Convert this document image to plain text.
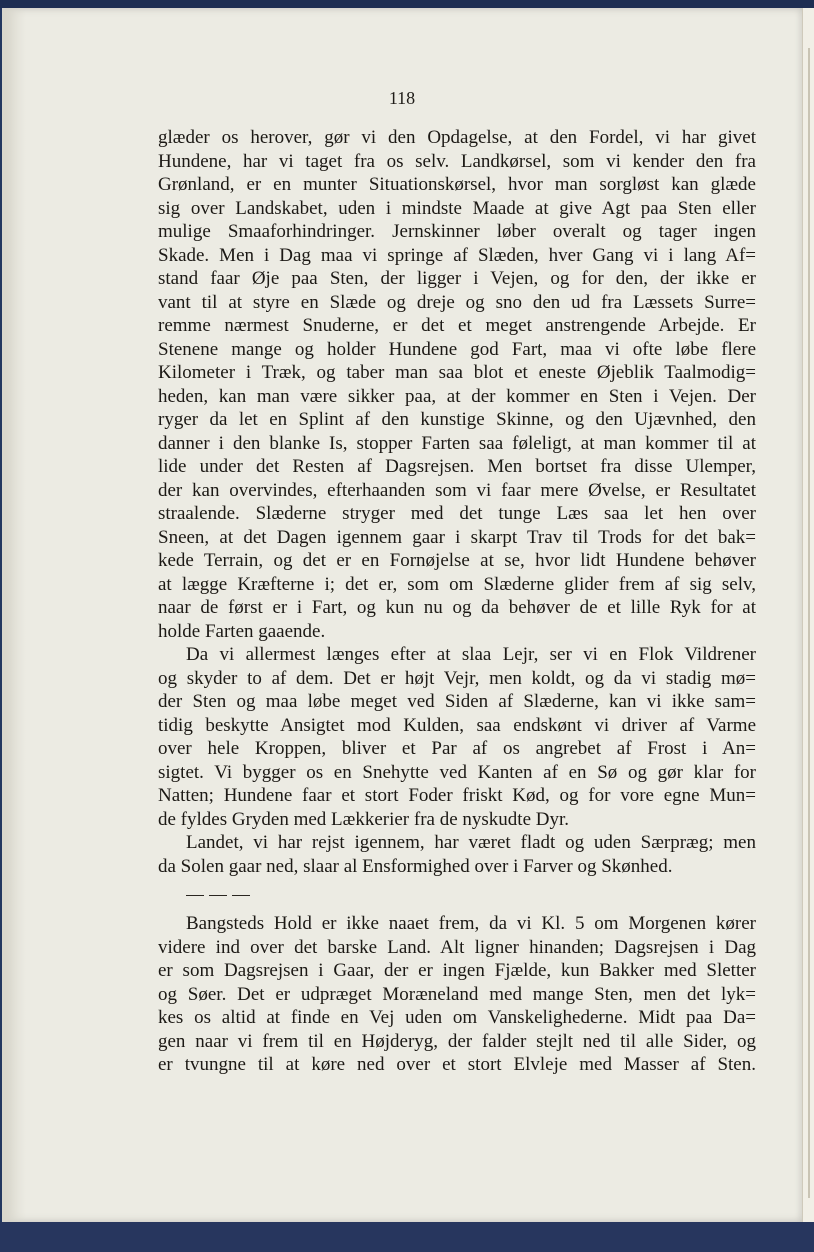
118
glæder os herover, gør vi den Opdagelse, at den Fordel, vi har givet
Hundene, har vi taget fra os selv. Landkørsel, som vi kender den fra
Grønland, er en munter Situationskørsel, hvor man sorgløst kan glæde
sig over Landskabet, uden i mindste Maade at give Agt paa Sten eller
mulige Smaaforhindringer. Jernskinner løber overalt og tager ingen
Skade. Men i Dag maa vi springe af Slæden, hver Gang vi i lang Af=
stand faar Øje paa Sten, der ligger i Vejen, og for den, der ikke er
vant til at styre en Slæde og dreje og sno den ud fra Læssets Surre=
remme nærmest Snuderne, er det et meget anstrengende Arbejde. Er
Stenene mange og holder Hundene god Fart, maa vi ofte løbe flere
Kilometer i Træk, og taber man saa blot et eneste Øjeblik Taalmodig=
heden, kan man være sikker paa, at der kommer en Sten i Vejen. Der
ryger da let en Splint af den kunstige Skinne, og den Ujævnhed, den
danner i den blanke Is, stopper Farten saa føleligt, at man kommer til at
lide under det Resten af Dagsrejsen. Men bortset fra disse Ulemper,
der kan overvindes, efterhaanden som vi faar mere Øvelse, er Resultatet
straalende. Slæderne stryger med det tunge Læs saa let hen over
Sneen, at det Dagen igennem gaar i skarpt Trav til Trods for det bak=
kede Terrain, og det er en Fornøjelse at se, hvor lidt Hundene behøver
at lægge Kræfterne i; det er, som om Slæderne glider frem af sig selv,
naar de først er i Fart, og kun nu og da behøver de et lille Ryk for at
holde Farten gaaende.
Da vi allermest længes efter at slaa Lejr, ser vi en Flok Vildrener
og skyder to af dem. Det er højt Vejr, men koldt, og da vi stadig mø=
der Sten og maa løbe meget ved Siden af Slæderne, kan vi ikke sam=
tidig beskytte Ansigtet mod Kulden, saa endskønt vi driver af Varme
over hele Kroppen, bliver et Par af os angrebet af Frost i An=
sigtet. Vi bygger os en Snehytte ved Kanten af en Sø og gør klar for
Natten; Hundene faar et stort Foder friskt Kød, og for vore egne Mun=
de fyldes Gryden med Lækkerier fra de nyskudte Dyr.
Landet, vi har rejst igennem, har været fladt og uden Særpræg; men
da Solen gaar ned, slaar al Ensformighed over i Farver og Skønhed.
Bangsteds Hold er ikke naaet frem, da vi Kl. 5 om Morgenen kører
videre ind over det barske Land. Alt ligner hinanden; Dagsrejsen i Dag
er som Dagsrejsen i Gaar, der er ingen Fjælde, kun Bakker med Sletter
og Søer. Det er udpræget Moræneland med mange Sten, men det lyk=
kes os altid at finde en Vej uden om Vanskelighederne. Midt paa Da=
gen naar vi frem til en Højderyg, der falder stejlt ned til alle Sider, og
er tvungne til at køre ned over et stort Elvleje med Masser af Sten.
